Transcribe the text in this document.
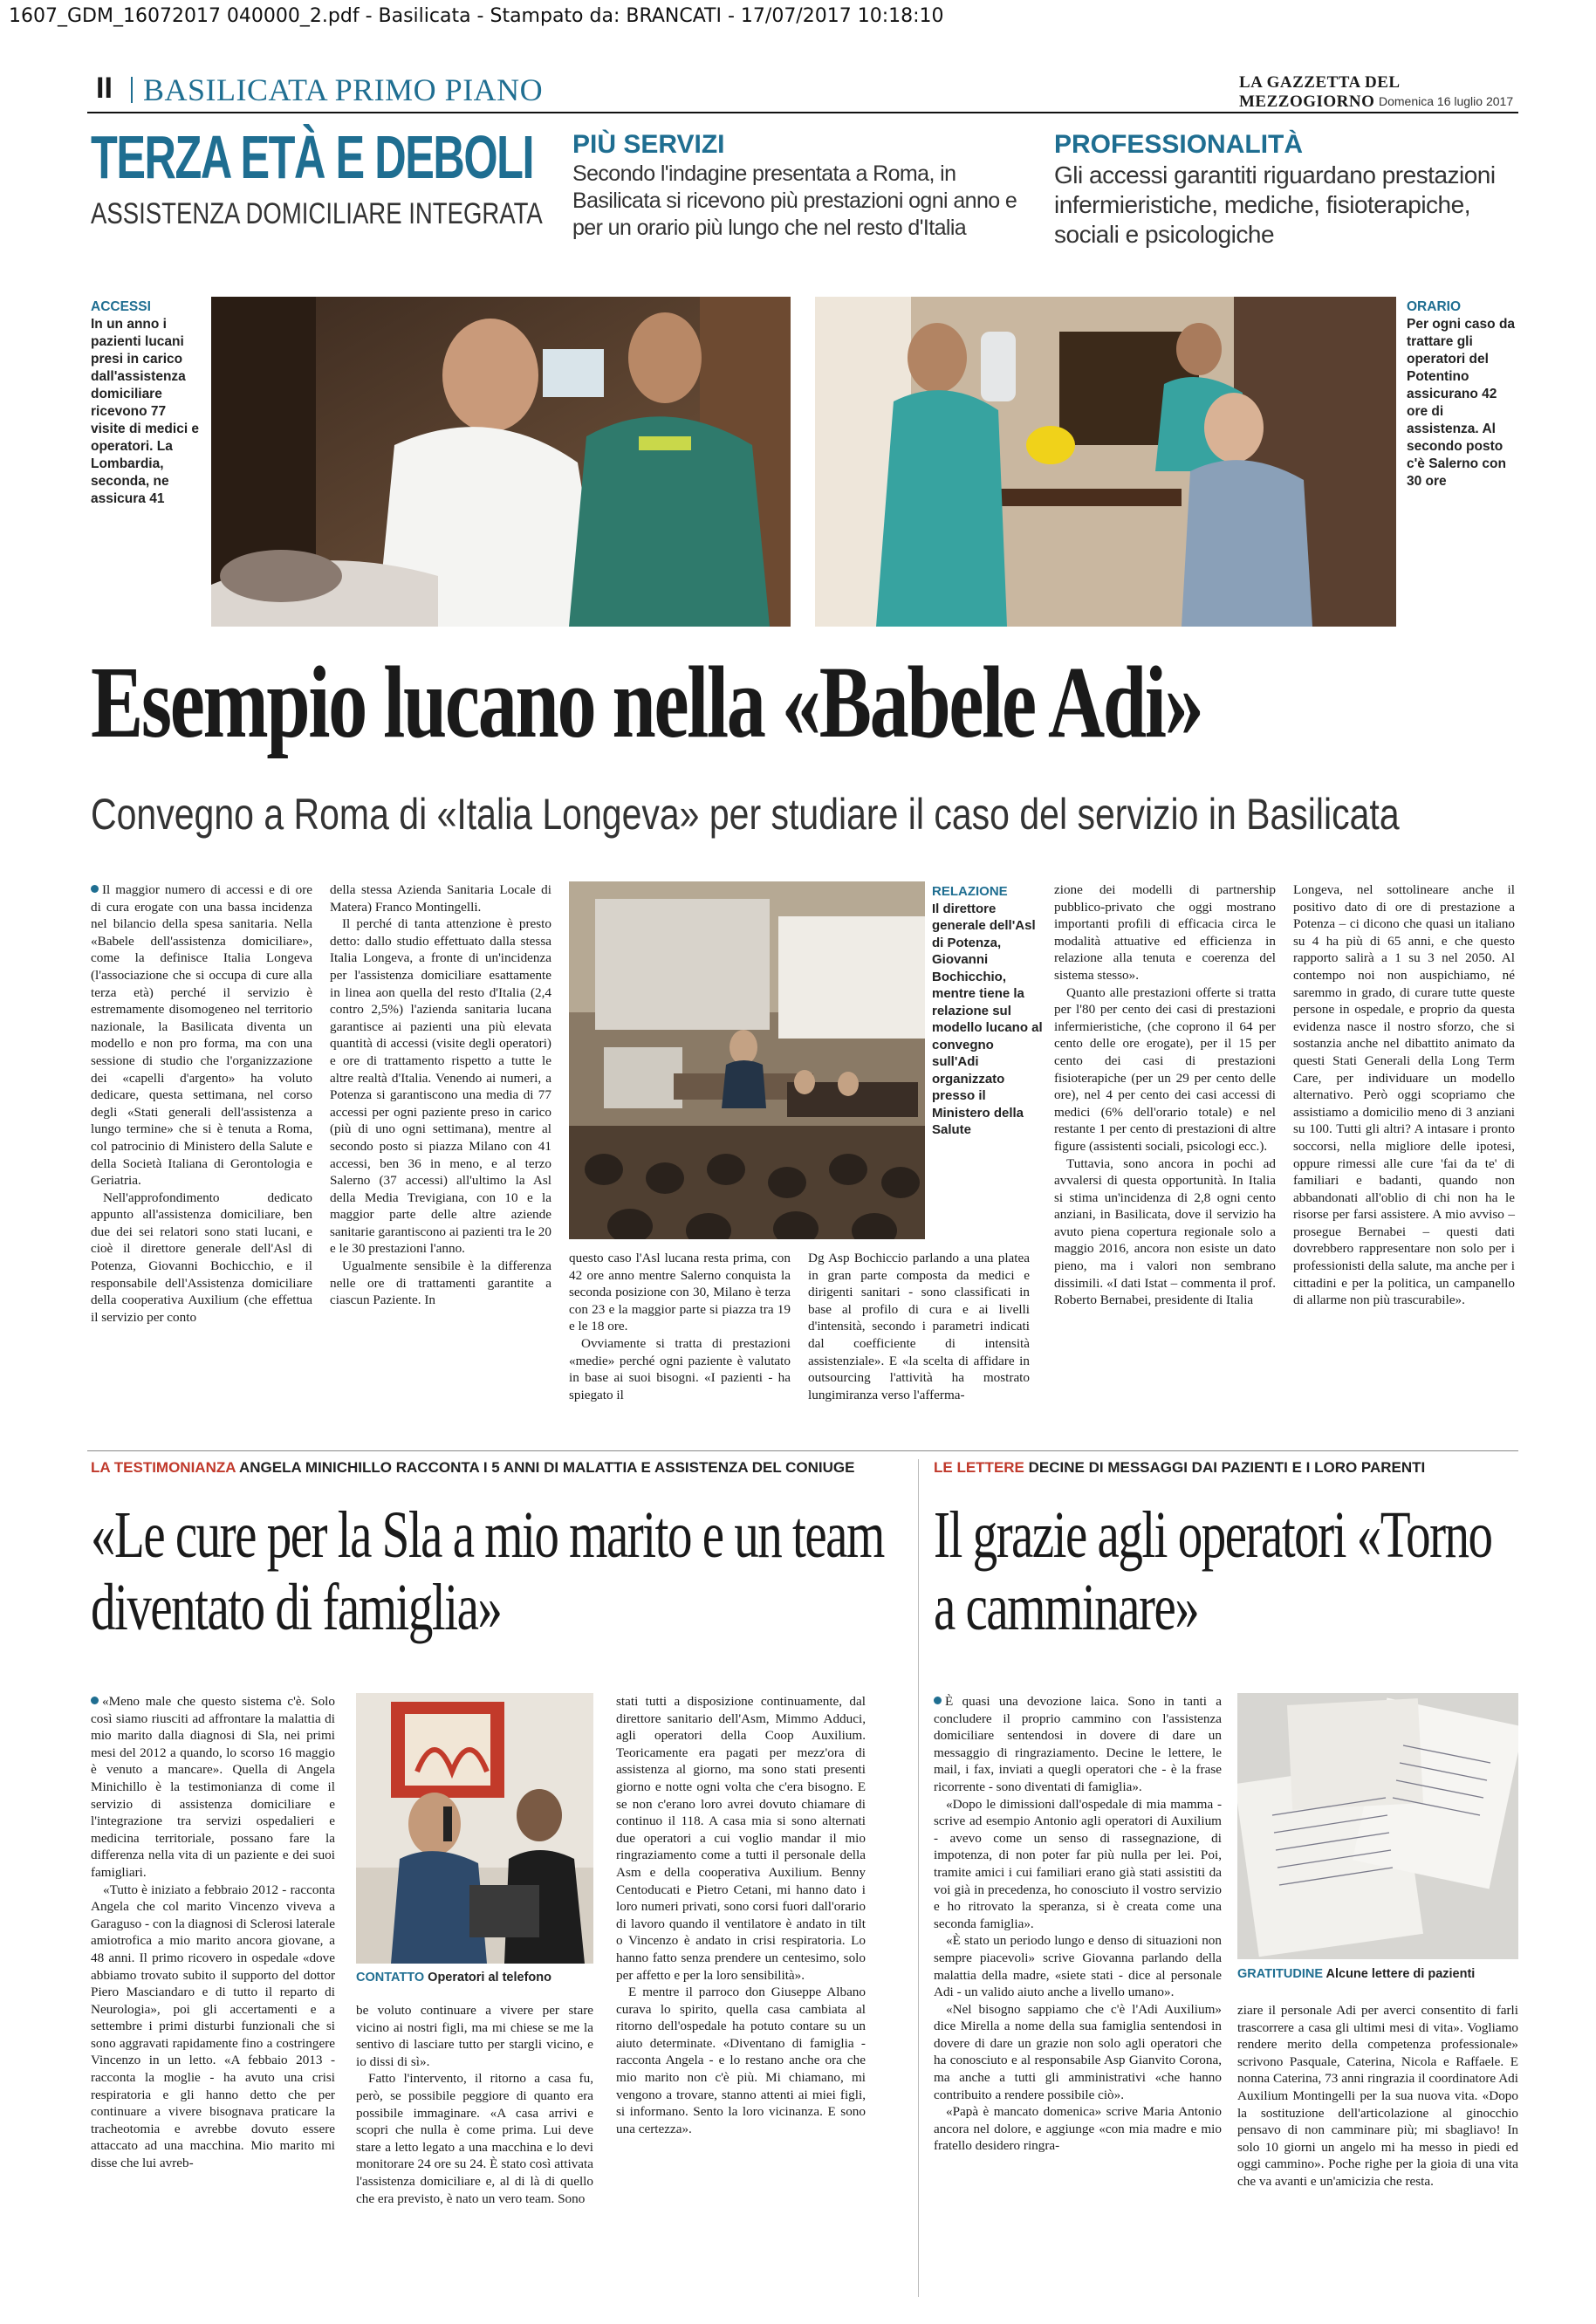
1607_GDM_16072017 040000_2.pdf - Basilicata - Stampato da: BRANCATI - 17/07/2017 10:18:10
II BASILICATA PRIMO PIANO	LA GAZZETTA DEL MEZZOGIORNO Domenica 16 luglio 2017
TERZA ETÀ E DEBOLI
ASSISTENZA DOMICILIARE INTEGRATA
PIÙ SERVIZI
Secondo l'indagine presentata a Roma, in Basilicata si ricevono più prestazioni ogni anno e per un orario più lungo che nel resto d'Italia
PROFESSIONALITÀ
Gli accessi garantiti riguardano prestazioni infermieristiche, mediche, fisioterapiche, sociali e psicologiche
ACCESSI
In un anno i pazienti lucani presi in carico dall'assistenza domiciliare ricevono 77 visite di medici e operatori. La Lombardia, seconda, ne assicura 41
ORARIO
Per ogni caso da trattare gli operatori del Potentino assicurano 42 ore di assistenza. Al secondo posto c'è Salerno con 30 ore
Esempio lucano nella «Babele Adi»
Convegno a Roma di «Italia Longeva» per studiare il caso del servizio in Basilicata

Il maggior numero di accessi e di ore di cura erogate con una bassa incidenza nel bilancio della spesa sanitaria. Nella «Babele dell'assistenza domiciliare», come la definisce Italia Longeva (l'associazione che si occupa di cure alla terza età) perché il servizio è estremamente disomogeneo nel territorio nazionale, la Basilicata diventa un modello e non pro forma, ma con una sessione di studio che l'organizzazione dei «capelli d'argento» ha voluto dedicare, questa settimana, nel corso degli «Stati generali dell'assistenza a lungo termine» che si è tenuta a Roma, col patrocinio di Ministero della Salute e della Società Italiana di Gerontologia e Geriatria.

Nell'approfondimento dedicato appunto all'assistenza domiciliare, ben due dei sei relatori sono stati lucani, e cioè il direttore generale dell'Asl di Potenza, Giovanni Bochicchio, e il responsabile dell'Assistenza domiciliare della cooperativa Auxilium (che effettua il servizio per conto

della stessa Azienda Sanitaria Locale di Matera) Franco Montingelli.

Il perché di tanta attenzione è presto detto: dallo studio effettuato dalla stessa Italia Longeva, a fronte di un'incidenza per l'assistenza domiciliare esattamente in linea aon quella del resto d'Italia (2,4 contro 2,5%) l'azienda sanitaria lucana garantisce ai pazienti una più elevata quantità di accessi (visite degli operatori) e ore di trattamento rispetto a tutte le altre realtà d'Italia. Venendo ai numeri, a Potenza si garantiscono una media di 77 accessi per ogni paziente preso in carico (più di uno ogni settimana), mentre al secondo posto si piazza Milano con 41 accessi, ben 36 in meno, e al terzo Salerno (37 accessi) all'ultimo la Asl della Media Trevigiana, con 10 e la maggior parte delle altre aziende sanitarie garantiscono ai pazienti tra le 20 e le 30 prestazioni l'anno.

Ugualmente sensibile è la differenza nelle ore di trattamenti garantite a ciascun Paziente. In

RELAZIONE
Il direttore generale dell'Asl di Potenza, Giovanni Bochicchio, mentre tiene la relazione sul modello lucano al convegno sull'Adi organizzato presso il Ministero della Salute

questo caso l'Asl lucana resta prima, con 42 ore anno mentre Salerno conquista la seconda posizione con 30, Milano è terza con 23 e la maggior parte si piazza tra 19 e le 18 ore.

Ovviamente si tratta di prestazioni «medie» perché ogni paziente è valutato in base ai suoi bisogni. «I pazienti - ha spiegato il

Dg Asp Bochiccio parlando a una platea in gran parte composta da medici e dirigenti sanitari - sono classificati in base al profilo di cura e ai livelli d'intensità, secondo i parametri indicati dal coefficiente di intensità assistenziale». E «la scelta di affidare in outsourcing l'attività ha mostrato lungimiranza verso l'afferma-

zione dei modelli di partnership pubblico-privato che oggi mostrano importanti profili di efficacia circa le modalità attuative ed efficienza in relazione alla tenuta e coerenza del sistema stesso».

Quanto alle prestazioni offerte si tratta per l'80 per cento dei casi di prestazioni infermieristiche, (che coprono il 64 per cento delle ore erogate), per il 15 per cento dei casi di prestazioni fisioterapiche (per un 29 per cento delle ore), nel 4 per cento dei casi accessi di medici (6% dell'orario totale) e nel restante 1 per cento di prestazioni di altre figure (assistenti sociali, psicologi ecc.).

Tuttavia, sono ancora in pochi ad avvalersi di questa opportunità. In Italia si stima un'incidenza di 2,8 ogni cento anziani, in Basilicata, dove il servizio ha avuto piena copertura regionale solo a maggio 2016, ancora non esiste un dato pieno, ma i valori non sembrano dissimili. «I dati Istat – commenta il prof. Roberto Bernabei, presidente di Italia

Longeva, nel sottolineare anche il positivo dato di ore di prestazione a Potenza – ci dicono che quasi un italiano su 4 ha più di 65 anni, e che questo rapporto salirà a 1 su 3 nel 2050. Al contempo noi non auspichiamo, né saremmo in grado, di curare tutte queste persone in ospedale, e proprio da questa evidenza nasce il nostro sforzo, che si sostanzia anche nel dibattito animato da questi Stati Generali della Long Term Care, per individuare un modello alternativo. Però oggi scopriamo che assistiamo a domicilio meno di 3 anziani su 100. Tutti gli altri? A intasare i pronto soccorsi, nella migliore delle ipotesi, oppure rimessi alle cure 'fai da te' di familiari e badanti, quando non abbandonati all'oblio di chi non ha le risorse per farsi assistere. A mio avviso – prosegue Bernabei – questi dati dovrebbero rappresentare non solo per i professionisti della salute, ma anche per i cittadini e per la politica, un campanello di allarme non più trascurabile».

LA TESTIMONIANZA ANGELA MINICHILLO RACCONTA I 5 ANNI DI MALATTIA E ASSISTENZA DEL CONIUGE
«Le cure per la Sla a mio marito e un team diventato di famiglia»

«Meno male che questo sistema c'è. Solo così siamo riusciti ad affrontare la malattia di mio marito dalla diagnosi di Sla, nei primi mesi del 2012 a quando, lo scorso 16 maggio è venuto a mancare». Quella di Angela Minichillo è la testimonianza di come il servizio di assistenza domiciliare e l'integrazione tra servizi ospedalieri e medicina territoriale, possano fare la differenza nella vita di un paziente e dei suoi famigliari.

«Tutto è iniziato a febbraio 2012 - racconta Angela che col marito Vincenzo viveva a Garaguso - con la diagnosi di Sclerosi laterale amiotrofica a mio marito ancora giovane, a 48 anni. Il primo ricovero in ospedale «dove abbiamo trovato subito il supporto del dottor Piero Masciandaro e di tutto il reparto di Neurologia», poi gli accertamenti e a settembre i primi disturbi funzionali che si sono aggravati rapidamente fino a costringere Vincenzo in un letto. «A febbaio 2013 - racconta la moglie - ha avuto una crisi respiratoria e gli hanno detto che per continuare a vivere bisognava praticare la tracheotomia e avrebbe dovuto essere attaccato ad una macchina. Mio marito mi disse che lui avreb-

CONTATTO Operatori al telefono

be voluto continuare a vivere per stare vicino ai nostri figli, ma mi chiese se me la sentivo di lasciare tutto per stargli vicino, e io dissi di sì».

Fatto l'intervento, il ritorno a casa fu, però, se possibile peggiore di quanto era possibile immaginare. «A casa arrivi e scopri che nulla è come prima. Lui deve stare a letto legato a una macchina e lo devi monitorare 24 ore su 24. È stato così attivata l'assistenza domiciliare e, al di là di quello che era previsto, è nato un vero team. Sono

stati tutti a disposizione continuamente, dal direttore sanitario dell'Asm, Mimmo Adduci, agli operatori della Coop Auxilium. Teoricamente era pagati per mezz'ora di assistenza al giorno, ma sono stati presenti giorno e notte ogni volta che c'era bisogno. E se non c'erano loro avrei dovuto chiamare di continuo il 118. A casa mia si sono alternati due operatori a cui voglio mandar il mio ringraziamento come a tutti il personale della Asm e della cooperativa Auxilium. Benny Centoducati e Pietro Cetani, mi hanno dato i loro numeri privati, sono corsi fuori dall'orario di lavoro quando il ventilatore è andato in tilt o Vincenzo è andato in crisi respiratoria. Lo hanno fatto senza prendere un centesimo, solo per affetto e per la loro sensibilità».

E mentre il parroco don Giuseppe Albano curava lo spirito, quella casa cambiata al ritorno dell'ospedale ha potuto contare su un aiuto determinate. «Diventano di famiglia - racconta Angela - e lo restano anche ora che mio marito non c'è più. Mi chiamano, mi vengono a trovare, stanno attenti ai miei figli, si informano. Sento la loro vicinanza. E sono una certezza».

LE LETTERE DECINE DI MESSAGGI DAI PAZIENTI E I LORO PARENTI
Il grazie agli operatori «Torno a camminare»

È quasi una devozione laica. Sono in tanti a concludere il proprio cammino con l'assistenza domiciliare sentendosi in dovere di dare un messaggio di ringraziamento. Decine le lettere, le mail, i fax, inviati a quegli operatori che - è la frase ricorrente - sono diventati di famiglia».

«Dopo le dimissioni dall'ospedale di mia mamma - scrive ad esempio Antonio agli operatori di Auxilium - avevo come un senso di rassegnazione, di impotenza, di non poter far più nulla per lei. Poi, tramite amici i cui familiari erano già stati assistiti da voi già in precedenza, ho conosciuto il vostro servizio e ho ritrovato la speranza, si è creata come una seconda famiglia».

«È stato un periodo lungo e denso di situazioni non sempre piacevoli» scrive Giovanna parlando della malattia della madre, «siete stati - dice al personale Adi - un valido aiuto anche a livello umano».

«Nel bisogno sappiamo che c'è l'Adi Auxilium» dice Mirella a nome della sua famiglia sentendosi in dovere di dare un grazie non solo agli operatori che ha conosciuto e al responsabile Asp Gianvito Corona, ma anche a tutti gli amministrativi «che hanno contribuito a rendere possibile ciò».

«Papà è mancato domenica» scrive Maria Antonio ancora nel dolore, e aggiunge «con mia madre e mio fratello desidero ringra-

GRATITUDINE Alcune lettere di pazienti

ziare il personale Adi per averci consentito di farli trascorrere a casa gli ultimi mesi di vita». Vogliamo rendere merito della competenza professionale» scrivono Pasquale, Caterina, Nicola e Raffaele. E nonna Caterina, 73 anni ringrazia il coordinatore Adi Auxilium Montingelli per la sua nuova vita. «Dopo la sostituzione dell'articolazione al ginocchio pensavo di non camminare più; mi sbagliavo! In solo 10 giorni un angelo mi ha messo in piedi ed oggi cammino». Poche righe per la gioia di una vita che va avanti e un'amicizia che resta.
